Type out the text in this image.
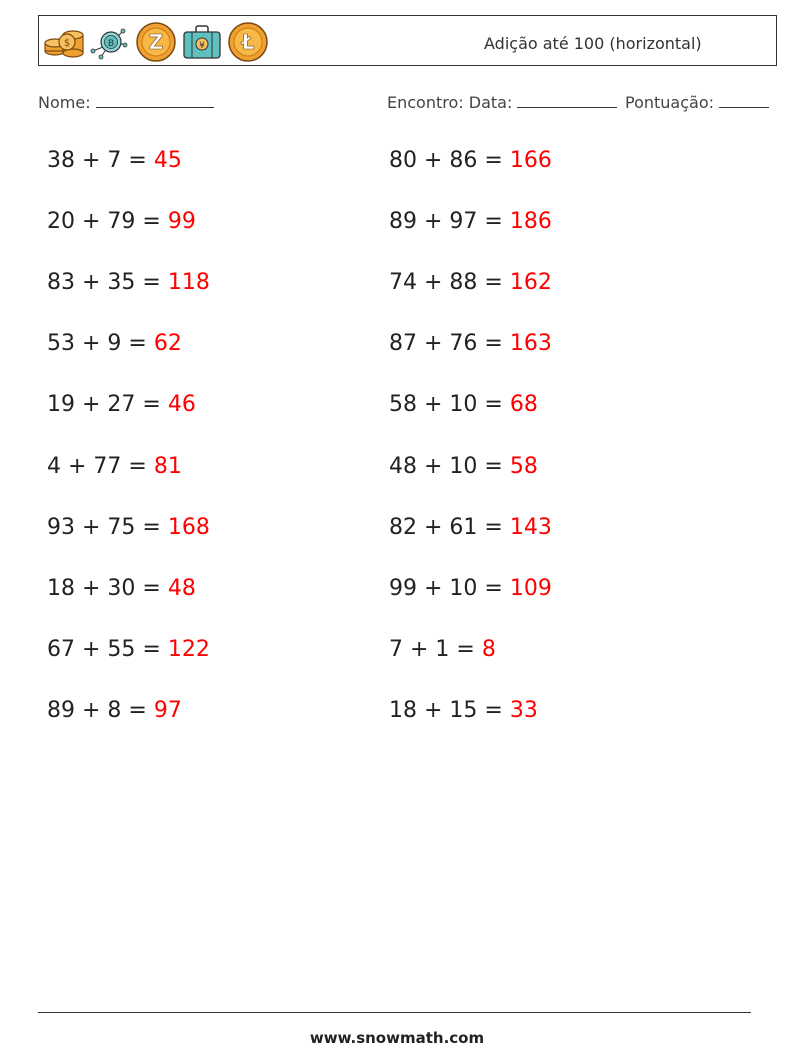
$	B Z	¥ Ł	Adição até 100 (horizontal)
Nome:	Encontro: Data:	Pontuação:
38 + 7 = 45
20 + 79 = 99
83 + 35 = 118
53 + 9 = 62
19 + 27 = 46
4 + 77 = 81
93 + 75 = 168
18 + 30 = 48
67 + 55 = 122
89 + 8 = 97
80 + 86 = 166
89 + 97 = 186
74 + 88 = 162
87 + 76 = 163
58 + 10 = 68
48 + 10 = 58
82 + 61 = 143
99 + 10 = 109
7 + 1 = 8
18 + 15 = 33
www.snowmath.com
